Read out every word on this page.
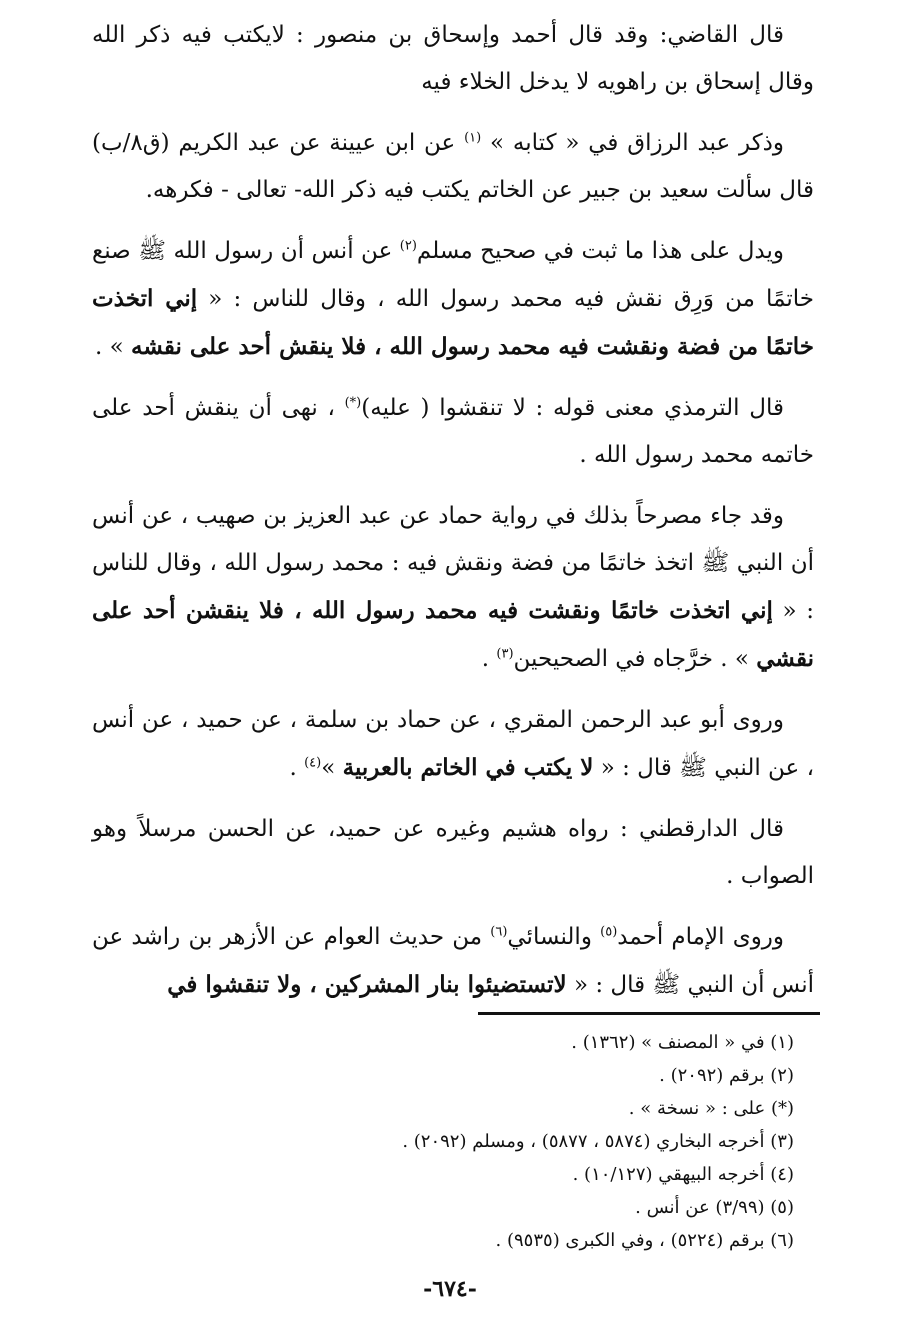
قال القاضي: وقد قال أحمد وإسحاق بن منصور : لايكتب فيه ذكر الله وقال إسحاق بن راهويه لا يدخل الخلاء فيه

وذكر عبد الرزاق في « كتابه » $^{(١)}$ عن ابن عيينة عن عبد الكريم (ق٨/ب) قال سألت سعيد بن جبير عن الخاتم يكتب فيه ذكر الله- تعالى - فكرهه.

ويدل على هذا ما ثبت في صحيح مسلم$^{(٢)}$ عن أنس أن رسول الله ﷺ صنع خاتمًا من وَرِق نقش فيه محمد رسول الله ، وقال للناس : « إني اتخذت خاتمًا من فضة ونقشت فيه محمد رسول الله ، فلا ينقش أحد على نقشه » .

قال الترمذي معنى قوله : لا تنقشوا ( عليه)(*) ، نهى أن ينقش أحد على خاتمه محمد رسول الله .

وقد جاء مصرحاً بذلك في رواية حماد عن عبد العزيز بن صهيب ، عن أنس أن النبي ﷺ اتخذ خاتمًا من فضة ونقش فيه : محمد رسول الله ، وقال للناس : « إني اتخذت خاتمًا ونقشت فيه محمد رسول الله ، فلا ينقشن أحد على نقشي » . خرَّجاه في الصحيحين$^{(٣)}$ .

وروى أبو عبد الرحمن المقري ، عن حماد بن سلمة ، عن حميد ، عن أنس ، عن النبي ﷺ قال : « لا يكتب في الخاتم بالعربية »$^{(٤)}$ .

قال الدارقطني : رواه هشيم وغيره عن حميد، عن الحسن مرسلاً وهو الصواب .

وروى الإمام أحمد$^{(٥)}$ والنسائي$^{(٦)}$ من حديث العوام عن الأزهر بن راشد عن أنس أن النبي ﷺ قال : « لاتستضيئوا بنار المشركين ، ولا تنقشوا في

(١) في « المصنف » (١٣٦٢) .

(٢) برقم (٢٠٩٢) .

(*) على : « نسخة » .

(٣) أخرجه البخاري (٥٨٧٤ ، ٥٨٧٧) ، ومسلم (٢٠٩٢) .

(٤) أخرجه البيهقي (١٠/١٢٧) .

(٥) (٣/٩٩) عن أنس .

(٦) برقم (٥٢٢٤) ، وفي الكبرى (٩٥٣٥) .

-٦٧٤-
